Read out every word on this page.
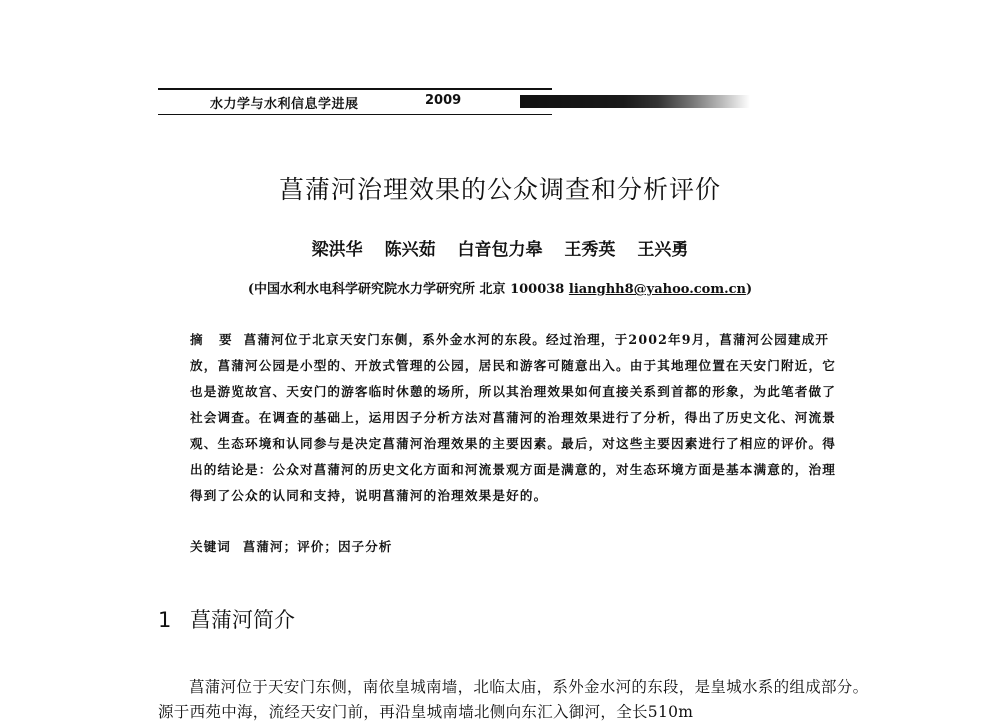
水力学与水利信息学进展	2009
菖蒲河治理效果的公众调查和分析评价
梁洪华 陈兴茹 白音包力皋 王秀英 王兴勇
(中国水利水电科学研究院水力学研究所 北京 100038 lianghh8@yahoo.com.cn)
摘 要 菖蒲河位于北京天安门东侧，系外金水河的东段。经过治理，于2002年9月，菖蒲河公园建成开放，菖蒲河公园是小型的、开放式管理的公园，居民和游客可随意出入。由于其地理位置在天安门附近，它也是游览故宫、天安门的游客临时休憩的场所，所以其治理效果如何直接关系到首都的形象，为此笔者做了社会调查。在调查的基础上，运用因子分析方法对菖蒲河的治理效果进行了分析，得出了历史文化、河流景观、生态环境和认同参与是决定菖蒲河治理效果的主要因素。最后，对这些主要因素进行了相应的评价。得出的结论是：公众对菖蒲河的历史文化方面和河流景观方面是满意的，对生态环境方面是基本满意的，治理得到了公众的认同和支持，说明菖蒲河的治理效果是好的。
关键词 菖蒲河；评价；因子分析
1 菖蒲河简介
菖蒲河位于天安门东侧，南依皇城南墙，北临太庙，系外金水河的东段，是皇城水系的组成部分。源于西苑中海，流经天安门前，再沿皇城南墙北侧向东汇入御河，全长510m
